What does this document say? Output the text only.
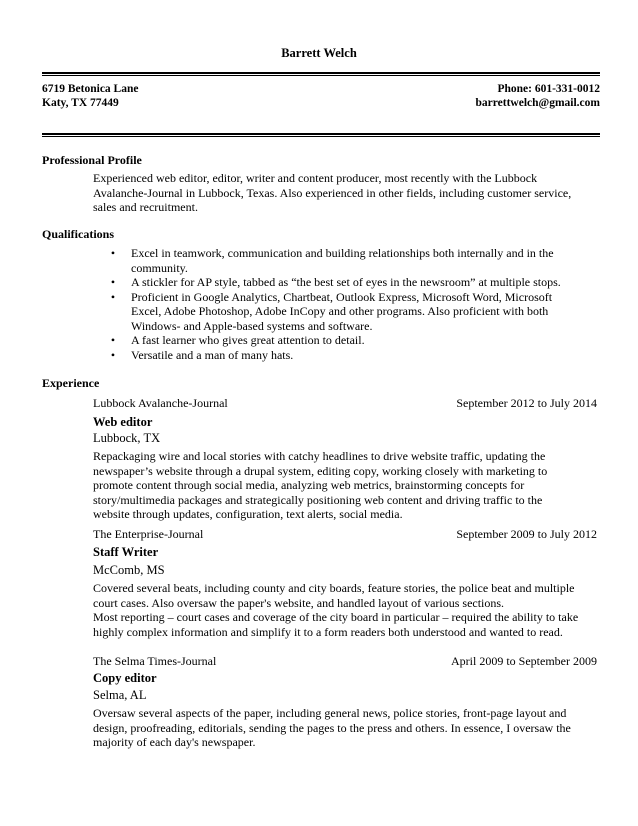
Barrett Welch
6719 Betonica Lane
Katy, TX 77449
Phone: 601-331-0012
barrettwelch@gmail.com
Professional Profile
Experienced web editor, editor, writer and content producer, most recently with the Lubbock Avalanche-Journal in Lubbock, Texas. Also experienced in other fields, including customer service, sales and recruitment.
Qualifications
•	Excel in teamwork, communication and building relationships both internally and in the community.
•	A stickler for AP style, tabbed as “the best set of eyes in the newsroom” at multiple stops.
•	Proficient in Google Analytics, Chartbeat, Outlook Express, Microsoft Word, Microsoft Excel, Adobe Photoshop, Adobe InCopy and other programs. Also proficient with both Windows- and Apple-based systems and software.
•	A fast learner who gives great attention to detail.
•	Versatile and a man of many hats.
Experience
Lubbock Avalanche-Journal	September 2012 to July 2014
Web editor
Lubbock, TX
Repackaging wire and local stories with catchy headlines to drive website traffic, updating the newspaper’s website through a drupal system, editing copy, working closely with marketing to promote content through social media, analyzing web metrics, brainstorming concepts for story/multimedia packages and strategically positioning web content and driving traffic to the website through updates, configuration, text alerts, social media.
The Enterprise-Journal	September 2009 to July 2012
Staff Writer
McComb, MS
Covered several beats, including county and city boards, feature stories, the police beat and multiple court cases. Also oversaw the paper's website, and handled layout of various sections.
Most reporting – court cases and coverage of the city board in particular – required the ability to take highly complex information and simplify it to a form readers both understood and wanted to read.
The Selma Times-Journal	April 2009 to September 2009
Copy editor
Selma, AL
Oversaw several aspects of the paper, including general news, police stories, front-page layout and design, proofreading, editorials, sending the pages to the press and others. In essence, I oversaw the majority of each day's newspaper.
